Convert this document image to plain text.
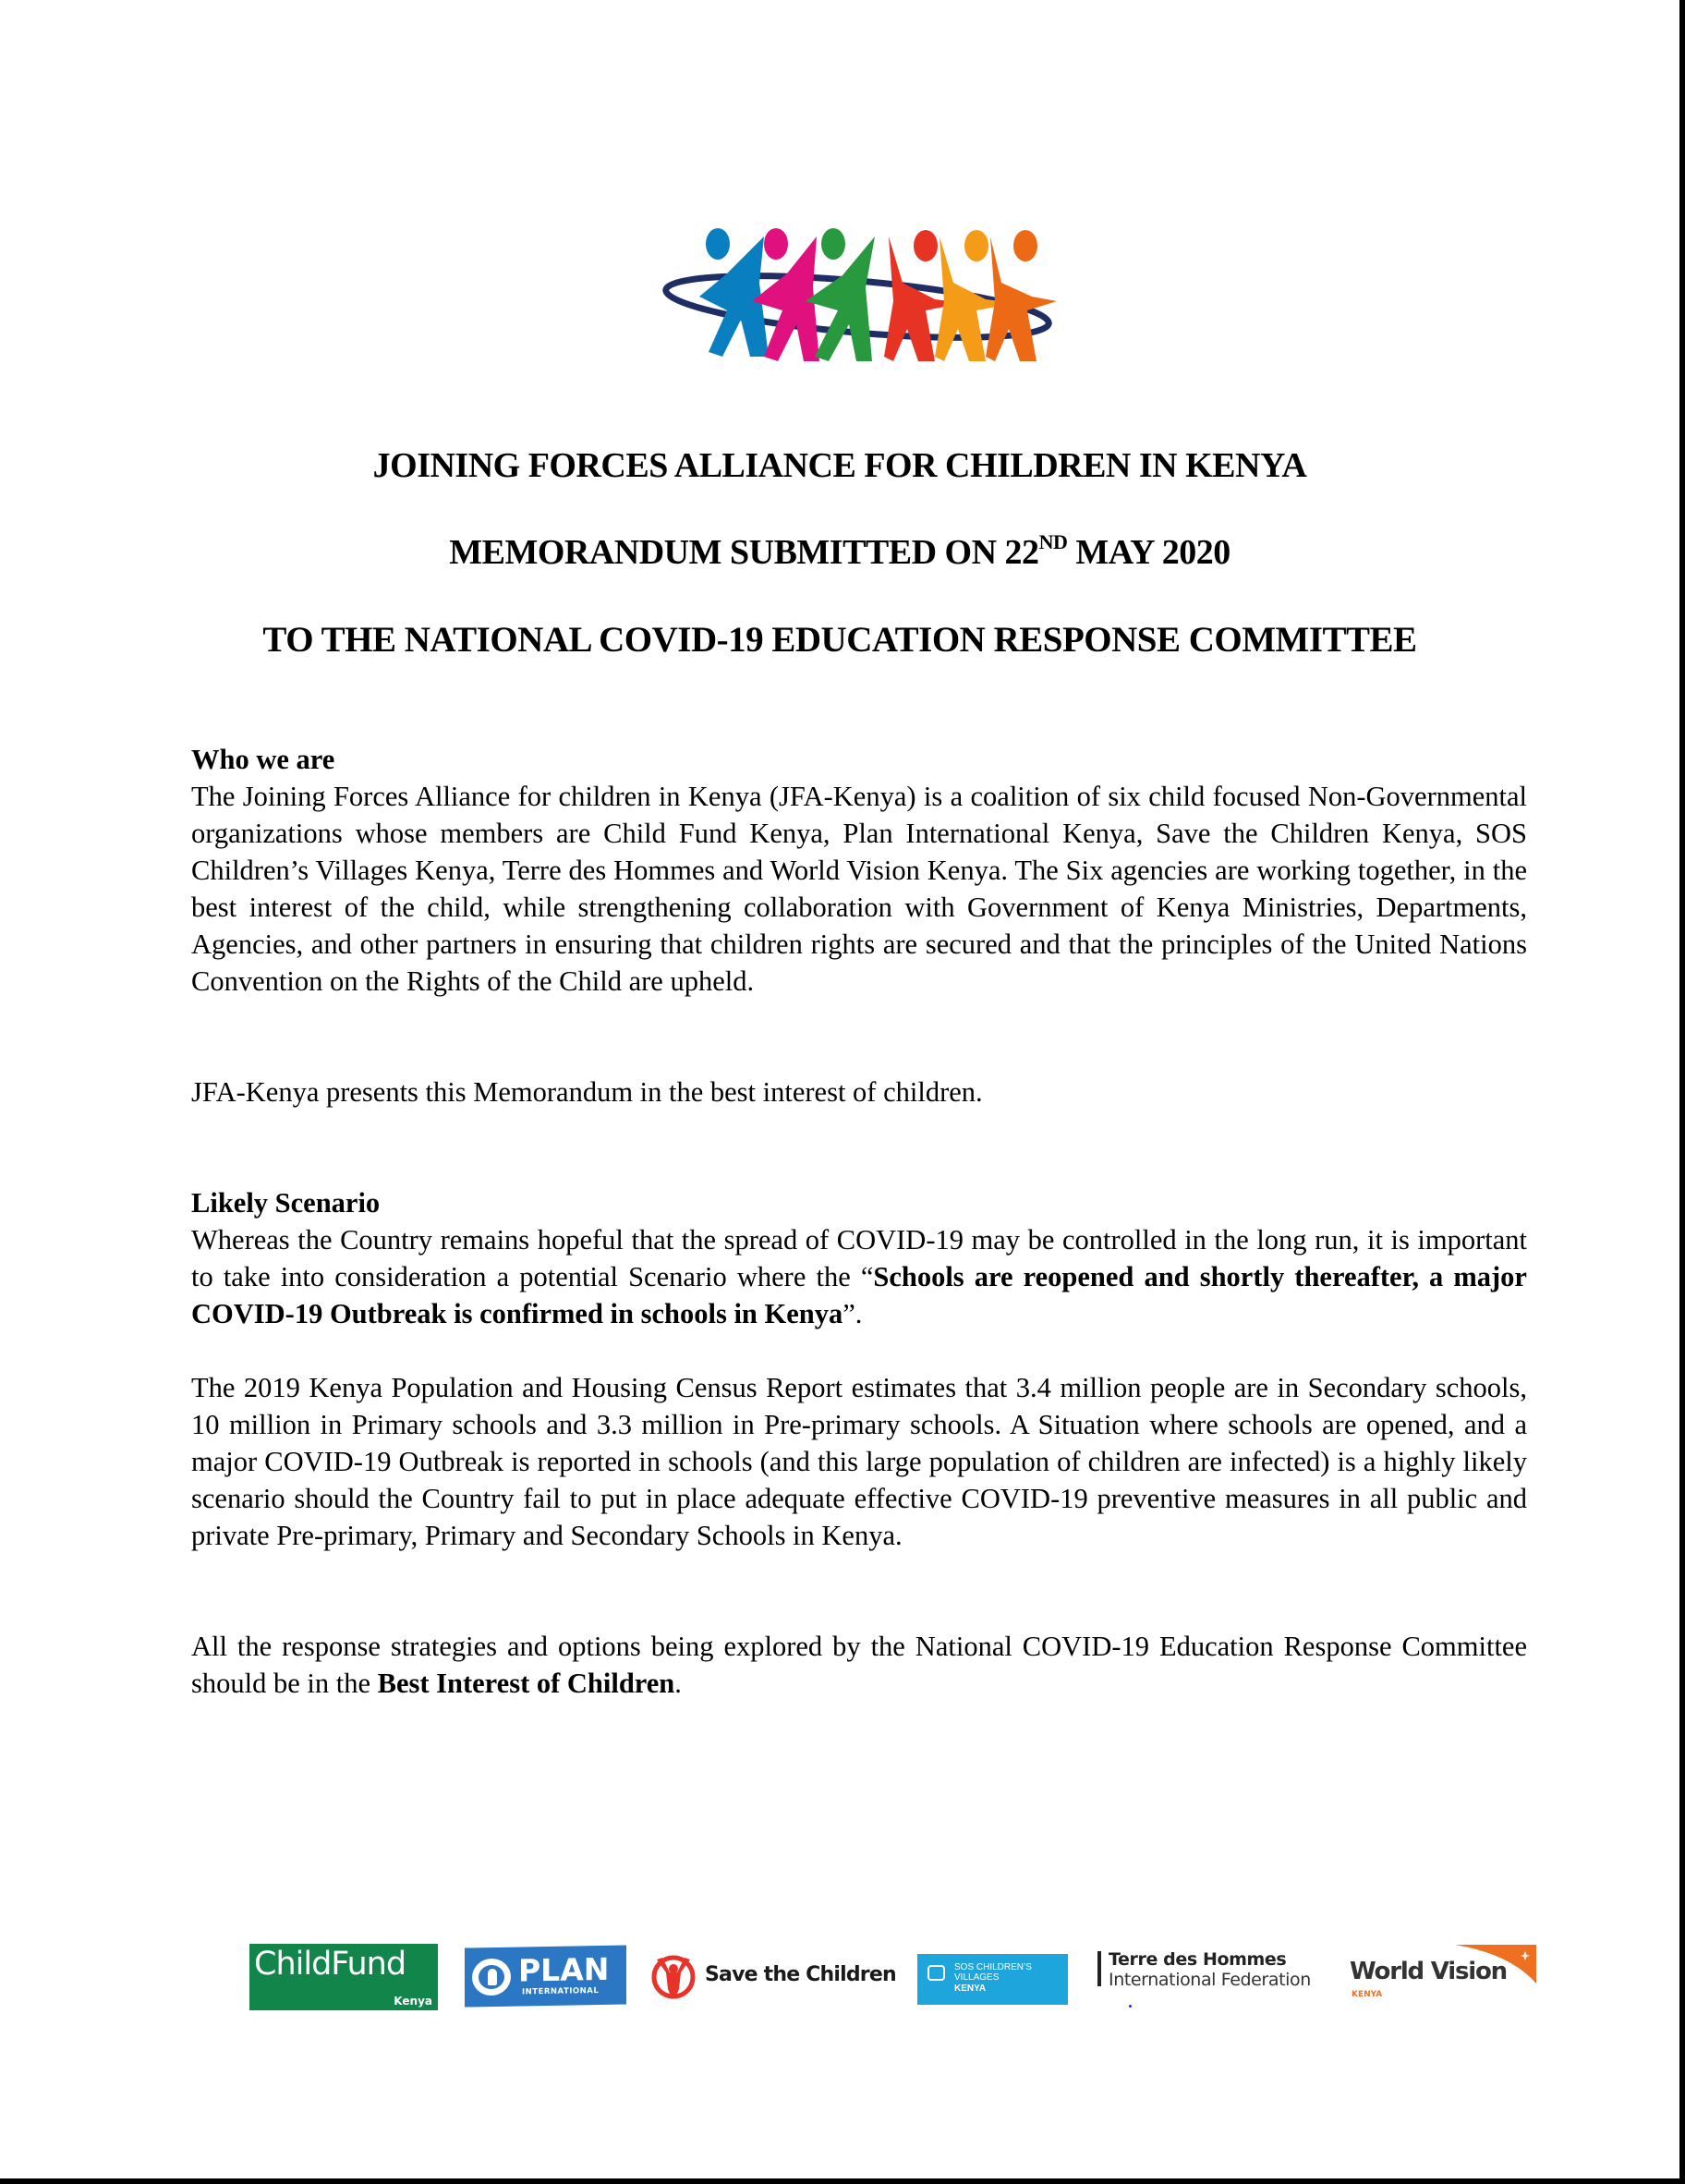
JOINING FORCES ALLIANCE FOR CHILDREN IN KENYA
MEMORANDUM SUBMITTED ON 22ND MAY 2020
TO THE NATIONAL COVID-19 EDUCATION RESPONSE COMMITTEE
Who we are
The Joining Forces Alliance for children in Kenya (JFA-Kenya) is a coalition of six child focused Non-Governmental organizations whose members are Child Fund Kenya, Plan International Kenya, Save the Children Kenya, SOS Children’s Villages Kenya, Terre des Hommes and World Vision Kenya. The Six agencies are working together, in the best interest of the child, while strengthening collaboration with Government of Kenya Ministries, Departments, Agencies, and other partners in ensuring that children rights are secured and that the principles of the United Nations Convention on the Rights of the Child are upheld.
JFA-Kenya presents this Memorandum in the best interest of children.
Likely Scenario
Whereas the Country remains hopeful that the spread of COVID-19 may be controlled in the long run, it is important to take into consideration a potential Scenario where the “Schools are reopened and shortly thereafter, a major COVID-19 Outbreak is confirmed in schools in Kenya”.
The 2019 Kenya Population and Housing Census Report estimates that 3.4 million people are in Secondary schools, 10 million in Primary schools and 3.3 million in Pre-primary schools. A Situation where schools are opened, and a major COVID-19 Outbreak is reported in schools (and this large population of children are infected) is a highly likely scenario should the Country fail to put in place adequate effective COVID-19 preventive measures in all public and private Pre-primary, Primary and Secondary Schools in Kenya.
All the response strategies and options being explored by the National COVID-19 Education Response Committee should be in the Best Interest of Children.
ChildFund
Kenya
PLAN
INTERNATIONAL
Save the Children	SOS CHILDREN’S
VILLAGES
KENYA
Terre des Hommes
International Federation World Vision
KENYA
